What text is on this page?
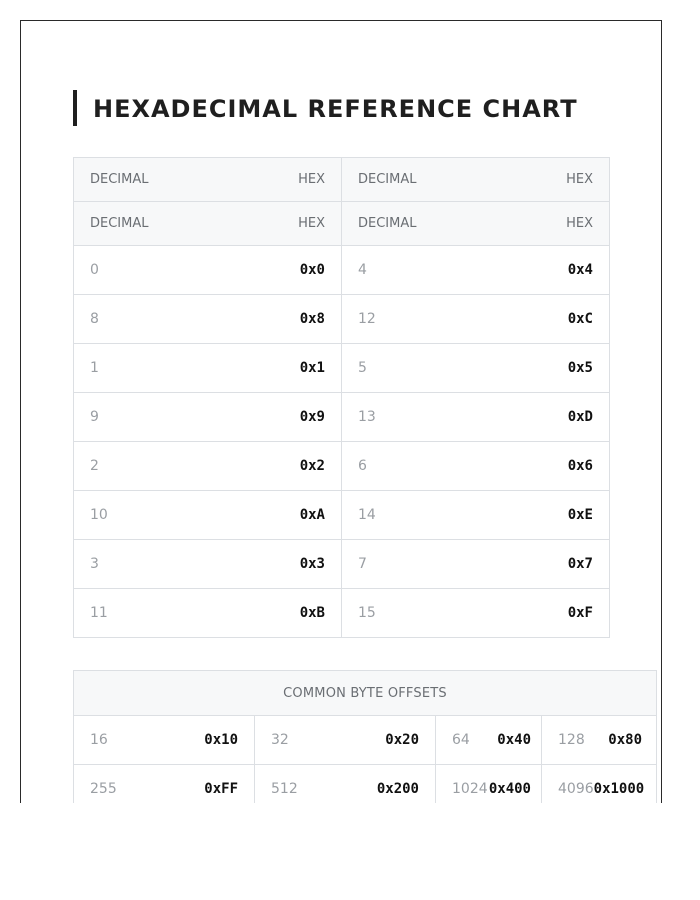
HEXADECIMAL REFERENCE CHART
DECIMAL HEX	DECIMAL HEX

DECIMAL HEX	DECIMAL HEX

0 0x0	4 0x4

8 0x8	12 0xC

1 0x1	5 0x5

9 0x9	13 0xD

2 0x2	6 0x6

10 0xA	14 0xE

3 0x3	7 0x7

11 0xB	15 0xF
COMMON BYTE OFFSETS			

16 0x10	32 0x20	64 0x40	128 0x80

255 0xFF	512 0x200	1024 0x400	4096 0x1000
